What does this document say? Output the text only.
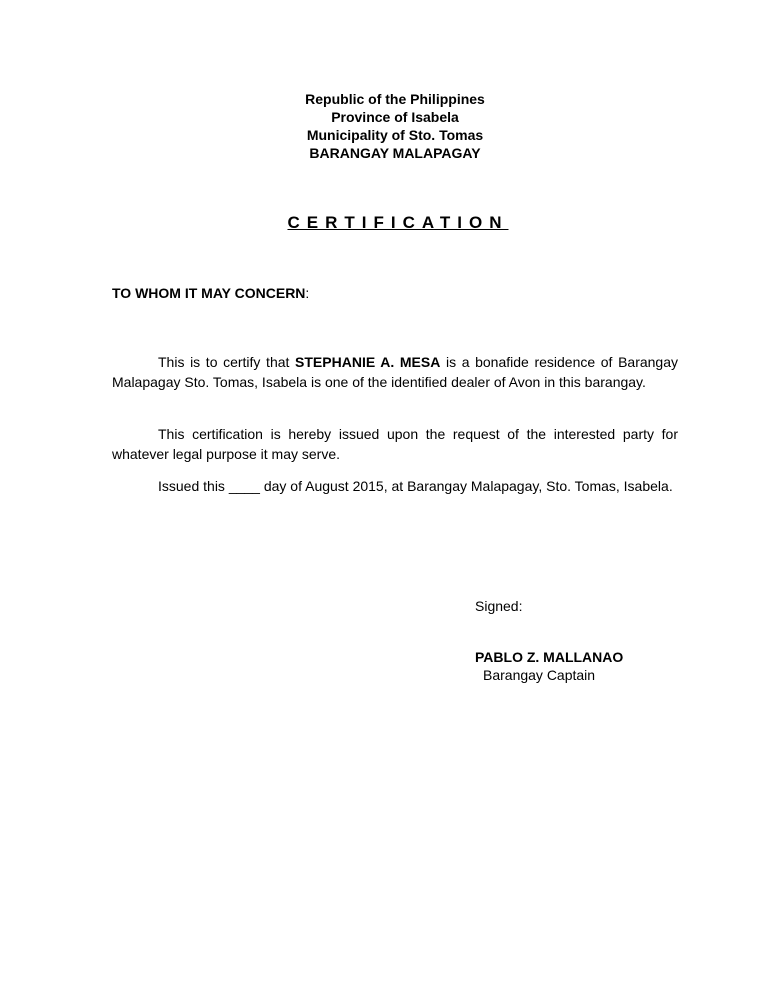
Republic of the Philippines
Province of Isabela
Municipality of Sto. Tomas
BARANGAY MALAPAGAY
CERTIFICATION
TO WHOM IT MAY CONCERN:
This is to certify that STEPHANIE A. MESA is a bonafide residence of Barangay Malapagay Sto. Tomas, Isabela is one of the identified dealer of Avon in this barangay.
This certification is hereby issued upon the request of the interested party for whatever legal purpose it may serve.
Issued this ____ day of August 2015, at Barangay Malapagay, Sto. Tomas, Isabela.
Signed:
PABLO Z. MALLANAO
Barangay Captain
